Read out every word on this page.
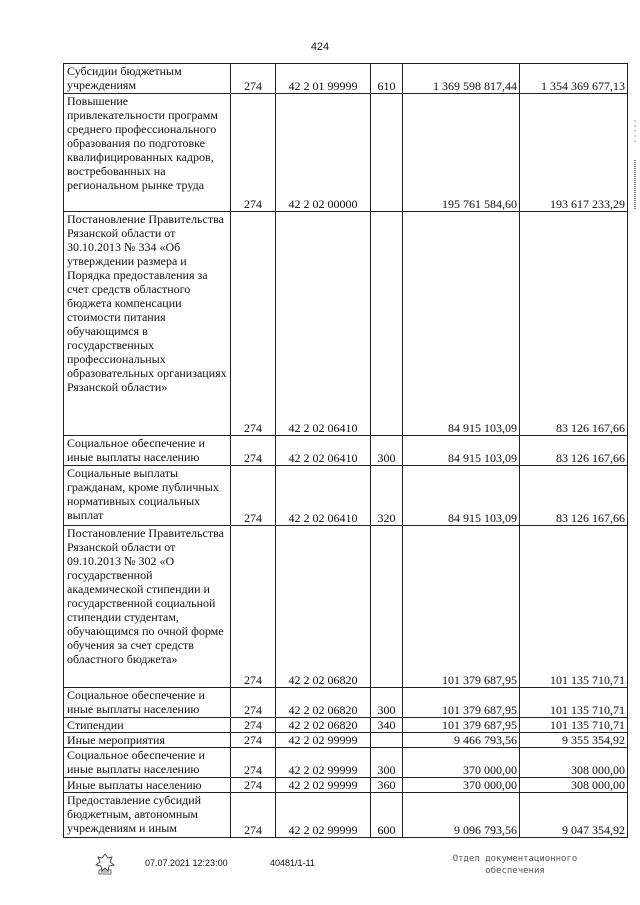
424
Субсидии бюджетным учреждениям	274	42 2 01 99999	610	1 369 598 817,44	1 354 369 677,13
Повышение привлекательности программ среднего профессионального образования по подготовке квалифицированных кадров, востребованных на региональном рынке труда	274	42 2 02 00000		195 761 584,60	193 617 233,29
Постановление Правительства Рязанской области от 30.10.2013 № 334 «Об утверждении размера и Порядка предоставления за счет средств областного бюджета компенсации стоимости питания обучающимся в государственных профессиональных образовательных организациях Рязанской области»	274	42 2 02 06410		84 915 103,09	83 126 167,66
Социальное обеспечение и иные выплаты населению	274	42 2 02 06410	300	84 915 103,09	83 126 167,66
Социальные выплаты гражданам, кроме публичных нормативных социальных выплат	274	42 2 02 06410	320	84 915 103,09	83 126 167,66
Постановление Правительства Рязанской области от 09.10.2013 № 302 «О государственной академической стипендии и государственной социальной стипендии студентам, обучающимся по очной форме обучения за счет средств областного бюджета»	274	42 2 02 06820		101 379 687,95	101 135 710,71
Социальное обеспечение и иные выплаты населению	274	42 2 02 06820	300	101 379 687,95	101 135 710,71
Стипендии	274	42 2 02 06820	340	101 379 687,95	101 135 710,71
Иные мероприятия	274	42 2 02 99999		9 466 793,56	9 355 354,92
Социальное обеспечение и иные выплаты населению	274	42 2 02 99999	300	370 000,00	308 000,00
Иные выплаты населению	274	42 2 02 99999	360	370 000,00	308 000,00
Предоставление субсидий бюджетным, автономным учреждениям и иным	274	42 2 02 99999	600	9 096 793,56	9 047 354,92
07.07.2021 12:23:00	40481/1-11	Отдел документационного
обеспечения
